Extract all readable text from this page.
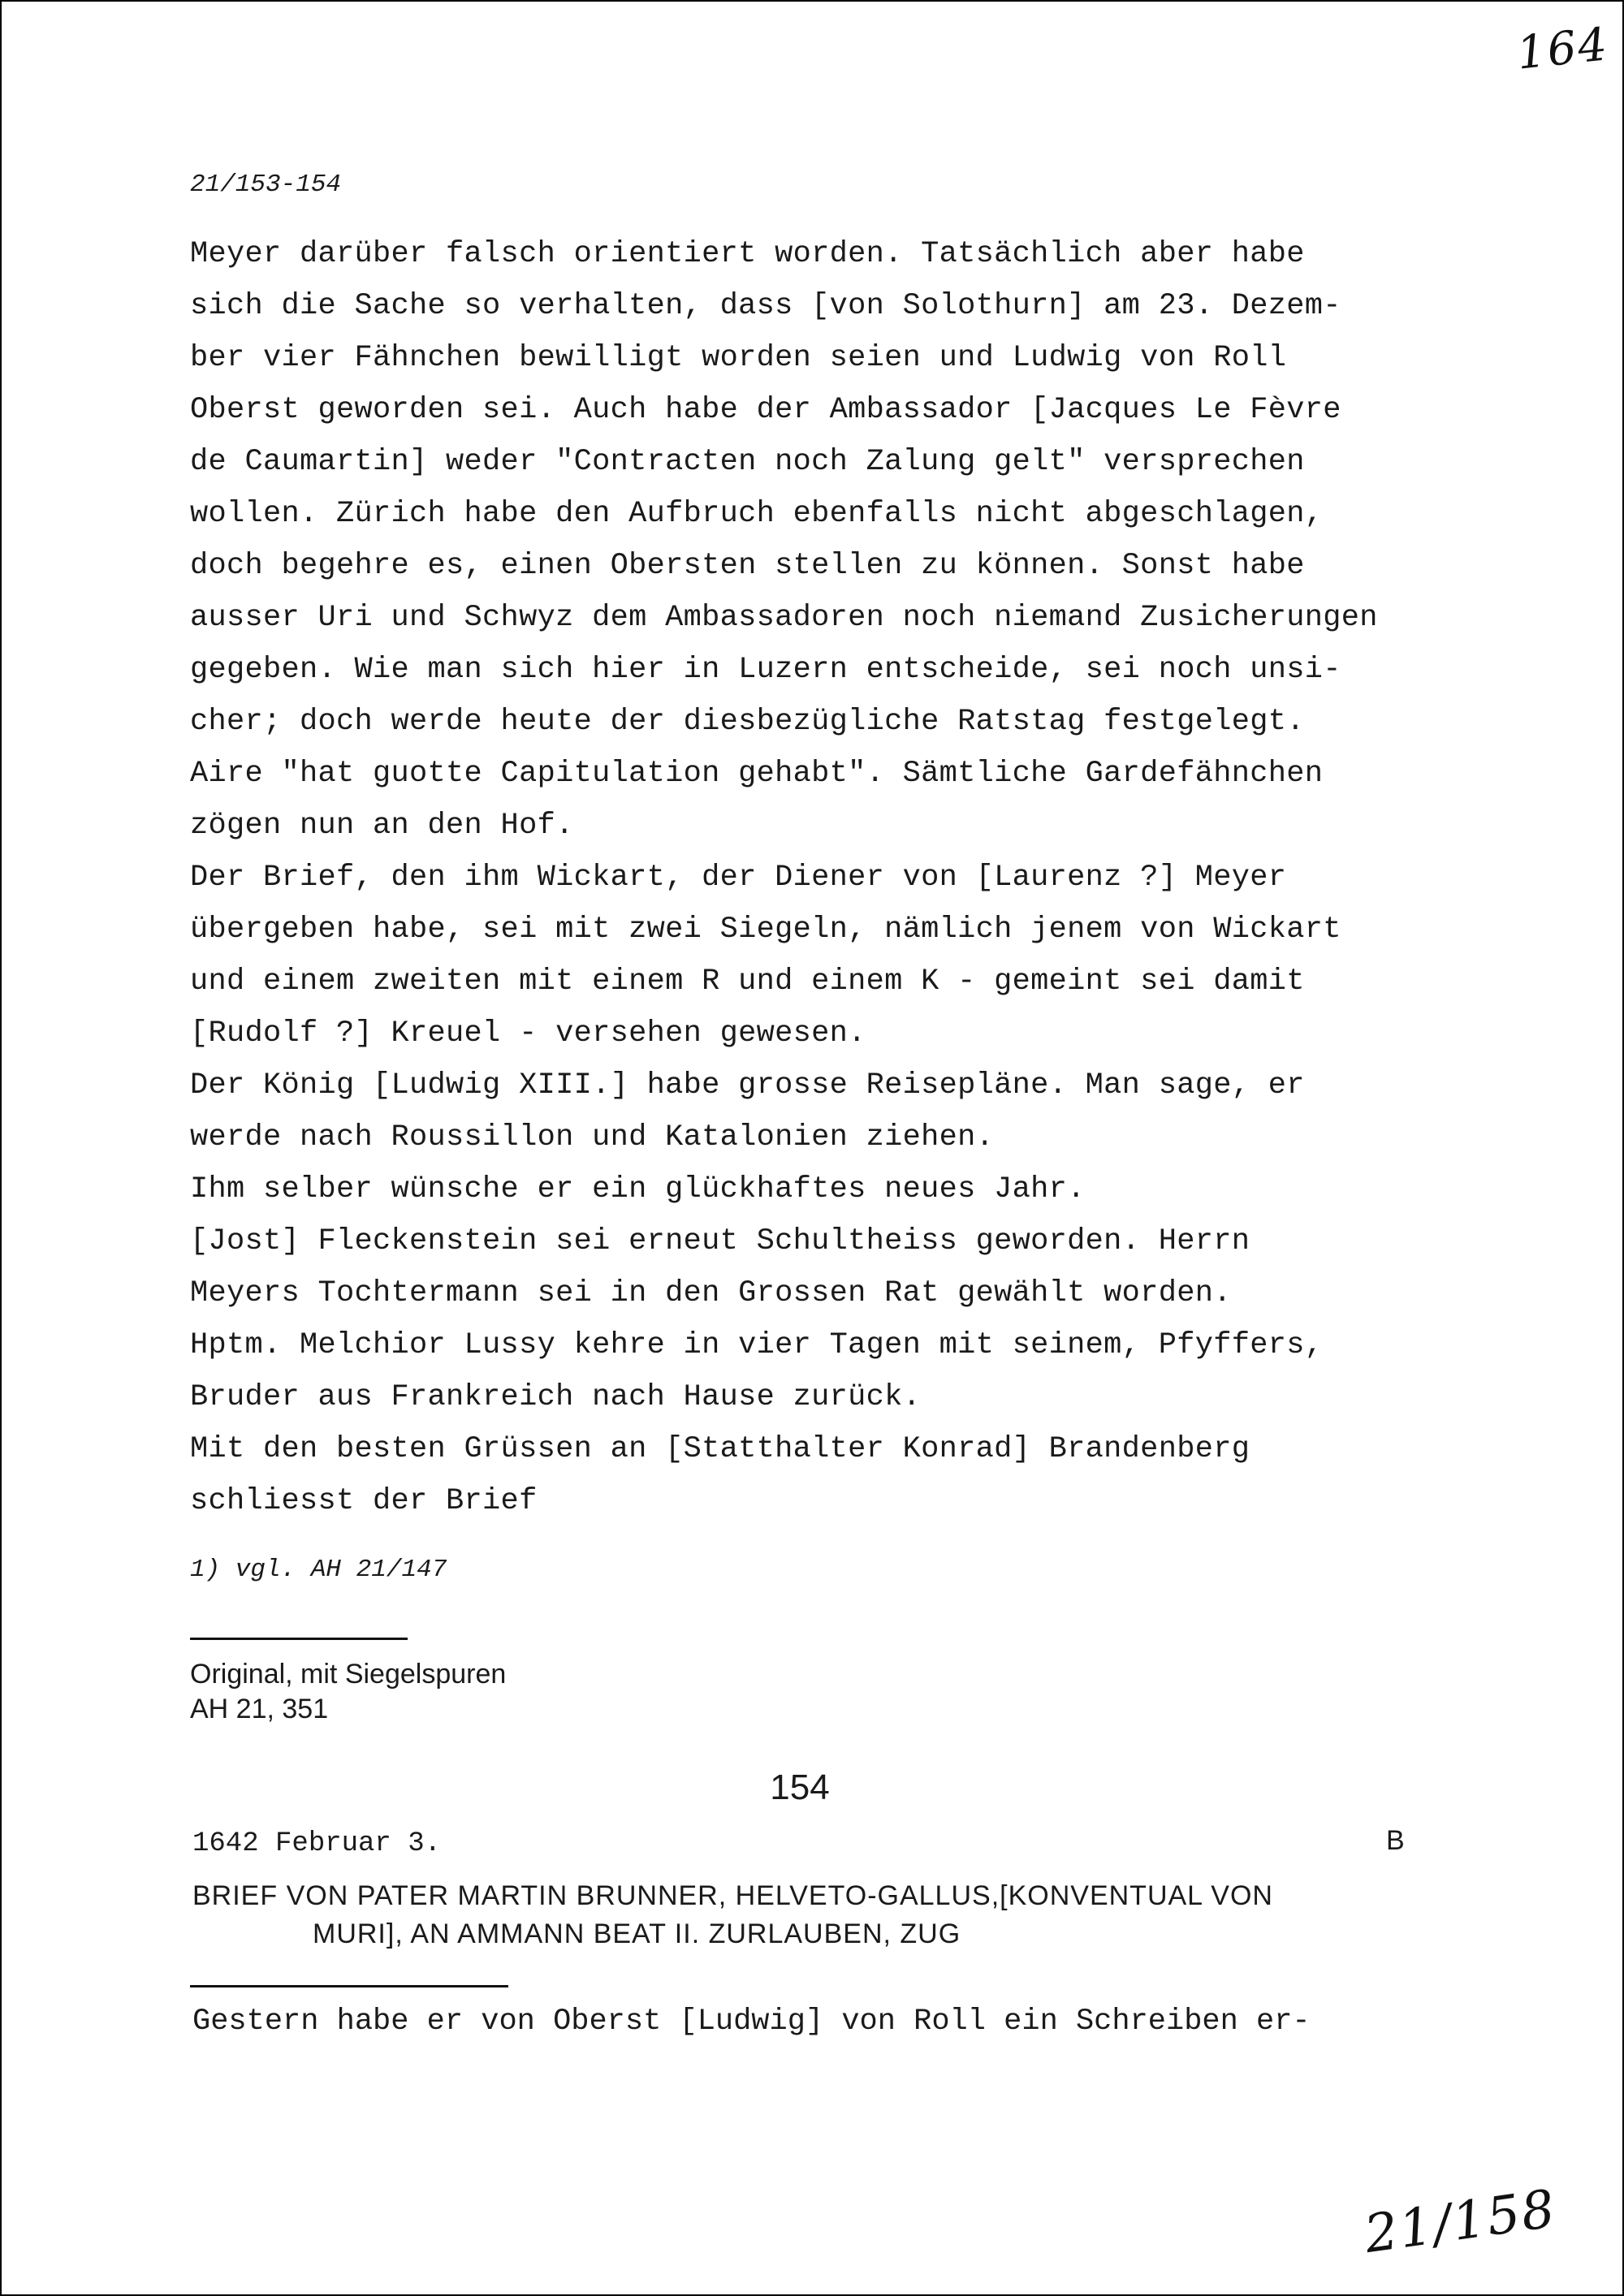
164
21/153-154
Meyer darüber falsch orientiert worden. Tatsächlich aber habe
sich die Sache so verhalten, dass [von Solothurn] am 23. Dezem-
ber vier Fähnchen bewilligt worden seien und Ludwig von Roll
Oberst geworden sei. Auch habe der Ambassador [Jacques Le Fèvre
de Caumartin] weder "Contracten noch Zalung gelt" versprechen
wollen. Zürich habe den Aufbruch ebenfalls nicht abgeschlagen,
doch begehre es, einen Obersten stellen zu können. Sonst habe
ausser Uri und Schwyz dem Ambassadoren noch niemand Zusicherungen
gegeben. Wie man sich hier in Luzern entscheide, sei noch unsi-
cher; doch werde heute der diesbezügliche Ratstag festgelegt.
Aire "hat guotte Capitulation gehabt". Sämtliche Gardefähnchen
zögen nun an den Hof.
Der Brief, den ihm Wickart, der Diener von [Laurenz ?] Meyer
übergeben habe, sei mit zwei Siegeln, nämlich jenem von Wickart
und einem zweiten mit einem R und einem K - gemeint sei damit
[Rudolf ?] Kreuel - versehen gewesen.
Der König [Ludwig XIII.] habe grosse Reisepläne. Man sage, er
werde nach Roussillon und Katalonien ziehen.
Ihm selber wünsche er ein glückhaftes neues Jahr.
[Jost] Fleckenstein sei erneut Schultheiss geworden. Herrn
Meyers Tochtermann sei in den Grossen Rat gewählt worden.
Hptm. Melchior Lussy kehre in vier Tagen mit seinem, Pfyffers,
Bruder aus Frankreich nach Hause zurück.
Mit den besten Grüssen an [Statthalter Konrad] Brandenberg
schliesst der Brief
1) vgl. AH 21/147
Original, mit Siegelspuren
AH 21, 351
154
1642 Februar 3.	B
BRIEF VON PATER MARTIN BRUNNER, HELVETO-GALLUS,[KONVENTUAL VON
MURI], AN AMMANN BEAT II. ZURLAUBEN, ZUG
Gestern habe er von Oberst [Ludwig] von Roll ein Schreiben er-
21/158
